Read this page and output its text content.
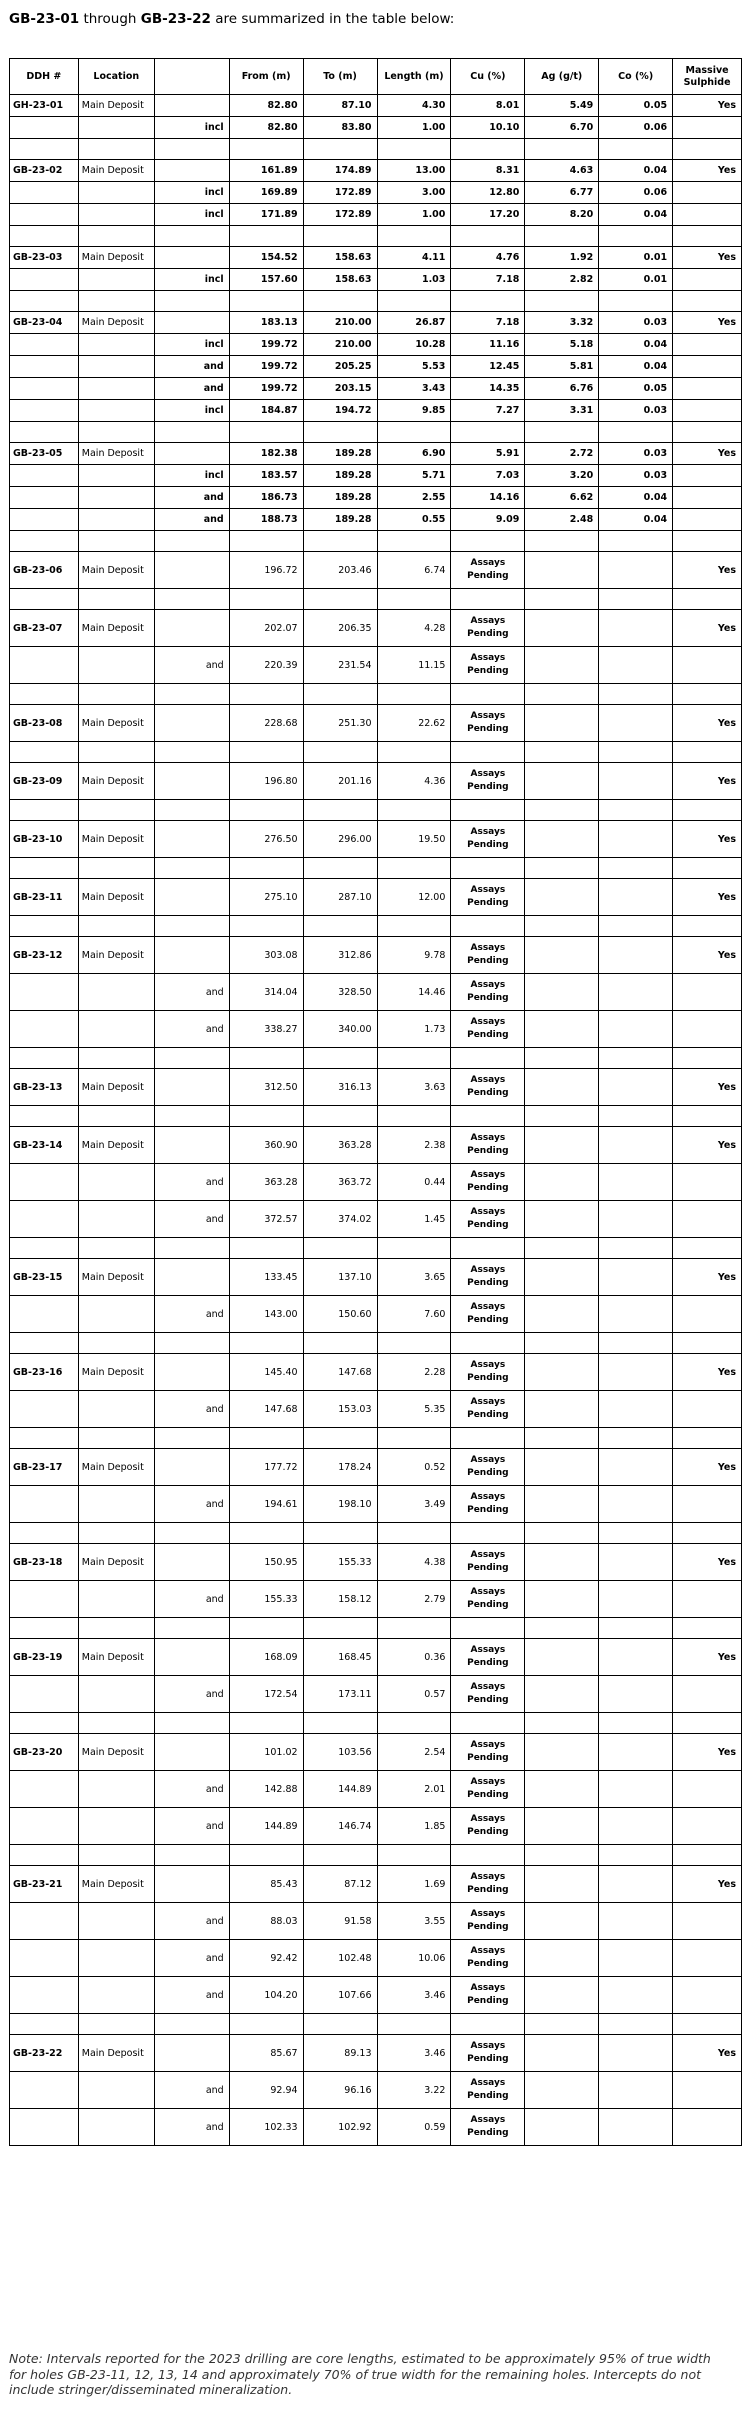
GB-23-01 through GB-23-22 are summarized in the table below:
DDH #	Location		From (m)	To (m)	Length (m)	Cu (%)	Ag (g/t)	Co (%)	Massive Sulphide
GH-23-01	Main Deposit		82.80	87.10	4.30	8.01	5.49	0.05	Yes
		incl	82.80	83.80	1.00	10.10	6.70	0.06	

GB-23-02	Main Deposit		161.89	174.89	13.00	8.31	4.63	0.04	Yes
		incl	169.89	172.89	3.00	12.80	6.77	0.06	
		incl	171.89	172.89	1.00	17.20	8.20	0.04	

GB-23-03	Main Deposit		154.52	158.63	4.11	4.76	1.92	0.01	Yes
		incl	157.60	158.63	1.03	7.18	2.82	0.01	

GB-23-04	Main Deposit		183.13	210.00	26.87	7.18	3.32	0.03	Yes
		incl	199.72	210.00	10.28	11.16	5.18	0.04	
		and	199.72	205.25	5.53	12.45	5.81	0.04	
		and	199.72	203.15	3.43	14.35	6.76	0.05	
		incl	184.87	194.72	9.85	7.27	3.31	0.03	

GB-23-05	Main Deposit		182.38	189.28	6.90	5.91	2.72	0.03	Yes
		incl	183.57	189.28	5.71	7.03	3.20	0.03	
		and	186.73	189.28	2.55	14.16	6.62	0.04	
		and	188.73	189.28	0.55	9.09	2.48	0.04	

GB-23-06	Main Deposit		196.72	203.46	6.74	Assays Pending			Yes

GB-23-07	Main Deposit		202.07	206.35	4.28	Assays Pending			Yes
		and	220.39	231.54	11.15	Assays Pending			

GB-23-08	Main Deposit		228.68	251.30	22.62	Assays Pending			Yes

GB-23-09	Main Deposit		196.80	201.16	4.36	Assays Pending			Yes

GB-23-10	Main Deposit		276.50	296.00	19.50	Assays Pending			Yes

GB-23-11	Main Deposit		275.10	287.10	12.00	Assays Pending			Yes

GB-23-12	Main Deposit		303.08	312.86	9.78	Assays Pending			Yes
		and	314.04	328.50	14.46	Assays Pending			
		and	338.27	340.00	1.73	Assays Pending			

GB-23-13	Main Deposit		312.50	316.13	3.63	Assays Pending			Yes

GB-23-14	Main Deposit		360.90	363.28	2.38	Assays Pending			Yes
		and	363.28	363.72	0.44	Assays Pending			
		and	372.57	374.02	1.45	Assays Pending			

GB-23-15	Main Deposit		133.45	137.10	3.65	Assays Pending			Yes
		and	143.00	150.60	7.60	Assays Pending			

GB-23-16	Main Deposit		145.40	147.68	2.28	Assays Pending			Yes
		and	147.68	153.03	5.35	Assays Pending			

GB-23-17	Main Deposit		177.72	178.24	0.52	Assays Pending			Yes
		and	194.61	198.10	3.49	Assays Pending			

GB-23-18	Main Deposit		150.95	155.33	4.38	Assays Pending			Yes
		and	155.33	158.12	2.79	Assays Pending			

GB-23-19	Main Deposit		168.09	168.45	0.36	Assays Pending			Yes
		and	172.54	173.11	0.57	Assays Pending			

GB-23-20	Main Deposit		101.02	103.56	2.54	Assays Pending			Yes
		and	142.88	144.89	2.01	Assays Pending			
		and	144.89	146.74	1.85	Assays Pending			

GB-23-21	Main Deposit		85.43	87.12	1.69	Assays Pending			Yes
		and	88.03	91.58	3.55	Assays Pending			
		and	92.42	102.48	10.06	Assays Pending			
		and	104.20	107.66	3.46	Assays Pending			

GB-23-22	Main Deposit		85.67	89.13	3.46	Assays Pending			Yes
		and	92.94	96.16	3.22	Assays Pending			
		and	102.33	102.92	0.59	Assays Pending			
Note: Intervals reported for the 2023 drilling are core lengths, estimated to be approximately 95% of true width for holes GB-23-11, 12, 13, 14 and approximately 70% of true width for the remaining holes. Intercepts do not include stringer/disseminated mineralization.
